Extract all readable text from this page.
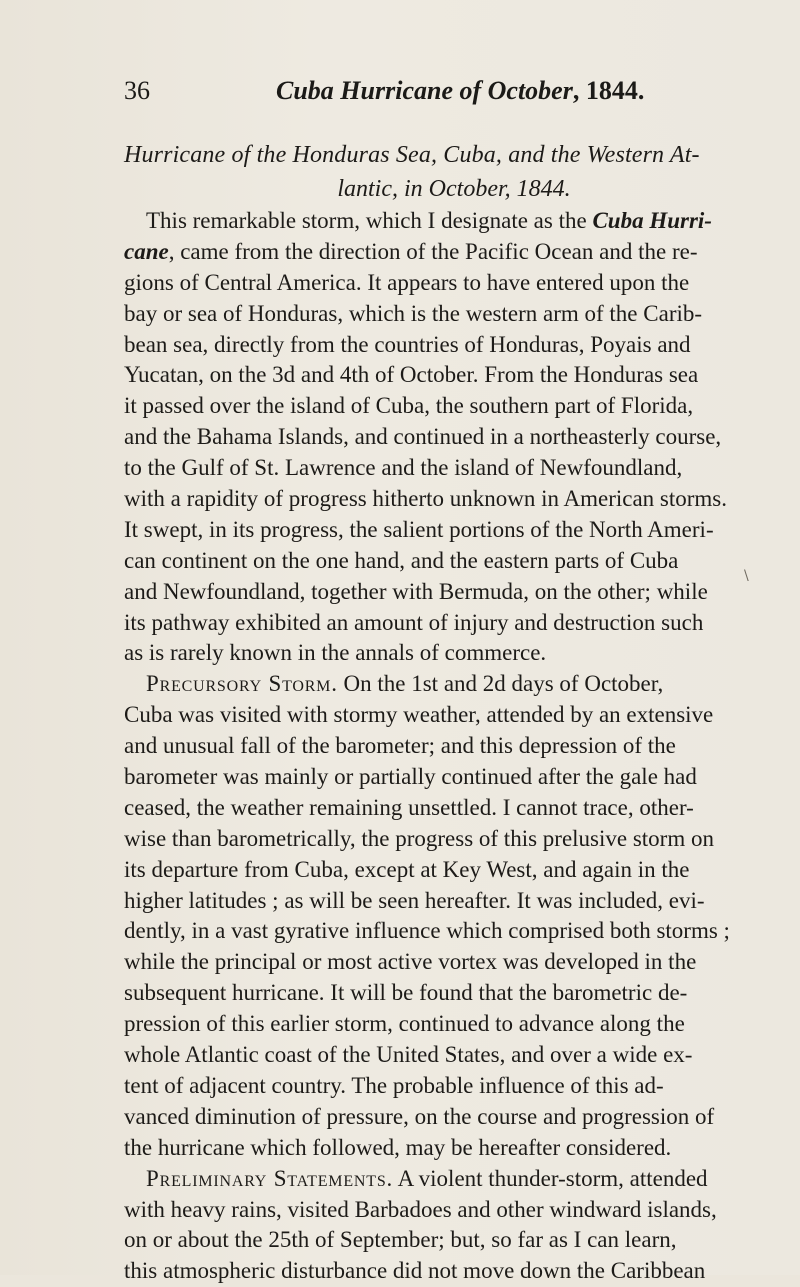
36	Cuba Hurricane of October, 1844.
Hurricane of the Honduras Sea, Cuba, and the Western At-
lantic, in October, 1844.
This remarkable storm, which I designate as the Cuba Hurri-
cane, came from the direction of the Pacific Ocean and the re-
gions of Central America. It appears to have entered upon the
bay or sea of Honduras, which is the western arm of the Carib-
bean sea, directly from the countries of Honduras, Poyais and
Yucatan, on the 3d and 4th of October. From the Honduras sea
it passed over the island of Cuba, the southern part of Florida,
and the Bahama Islands, and continued in a northeasterly course,
to the Gulf of St. Lawrence and the island of Newfoundland,
with a rapidity of progress hitherto unknown in American storms.
It swept, in its progress, the salient portions of the North Ameri-
can continent on the one hand, and the eastern parts of Cuba
and Newfoundland, together with Bermuda, on the other; while
its pathway exhibited an amount of injury and destruction such
as is rarely known in the annals of commerce.
Precursory Storm. On the 1st and 2d days of October,
Cuba was visited with stormy weather, attended by an extensive
and unusual fall of the barometer; and this depression of the
barometer was mainly or partially continued after the gale had
ceased, the weather remaining unsettled. I cannot trace, other-
wise than barometrically, the progress of this prelusive storm on
its departure from Cuba, except at Key West, and again in the
higher latitudes ; as will be seen hereafter. It was included, evi-
dently, in a vast gyrative influence which comprised both storms ;
while the principal or most active vortex was developed in the
subsequent hurricane. It will be found that the barometric de-
pression of this earlier storm, continued to advance along the
whole Atlantic coast of the United States, and over a wide ex-
tent of adjacent country. The probable influence of this ad-
vanced diminution of pressure, on the course and progression of
the hurricane which followed, may be hereafter considered.
Preliminary Statements. A violent thunder-storm, attended
with heavy rains, visited Barbadoes and other windward islands,
on or about the 25th of September; but, so far as I can learn,
this atmospheric disturbance did not move down the Caribbean
\
